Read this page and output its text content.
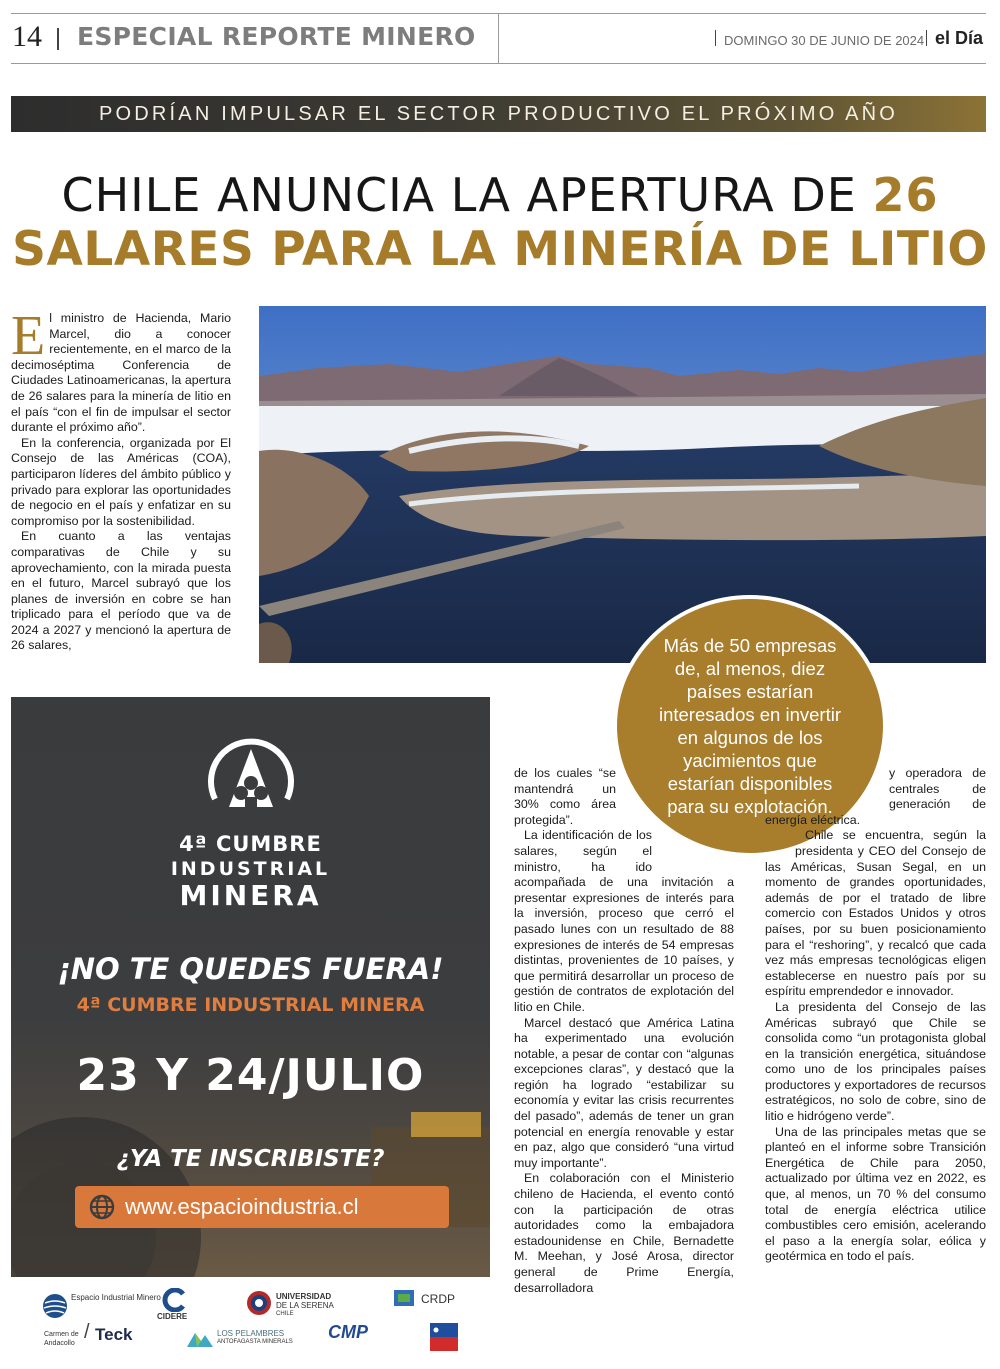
14 ESPECIAL REPORTE MINERO	DOMINGO 30 DE JUNIO DE 2024 el Día
PODRÍAN IMPULSAR EL SECTOR PRODUCTIVO EL PRÓXIMO AÑO
CHILE ANUNCIA LA APERTURA DE 26
SALARES PARA LA MINERÍA DE LITIO

El ministro de Hacienda, Mario Marcel, dio a conocer recientemente, en el marco de la decimoséptima Conferencia de Ciudades Latinoamericanas, la apertura de 26 salares para la minería de litio en el país “con el fin de impulsar el sector durante el próximo año”.

En la conferencia, organizada por El Consejo de las Américas (COA), participaron líderes del ámbito público y privado para explorar las oportunidades de negocio en el país y enfatizar en su compromiso por la sostenibilidad.

En cuanto a las ventajas comparativas de Chile y su aprovechamiento, con la mirada puesta en el futuro, Marcel subrayó que los planes de inversión en cobre se han triplicado para el período que va de 2024 a 2027 y mencionó la apertura de 26 salares,	Más de 50 empresas de, al menos, diez países estarían interesados en invertir en algunos de los yacimientos que estarían disponibles para su explotación.

de los cuales “se mantendrá un 30% como área protegida”.

La identificación de los salares, según el ministro, ha ido acompañada de una invitación a presentar expresiones de interés para la inversión, proceso que cerró el pasado lunes con un resultado de 88 expresiones de interés de 54 empresas distintas, provenientes de 10 países, y que permitirá desarrollar un proceso de gestión de contratos de explotación del litio en Chile.

Marcel destacó que América Latina ha experimentado una evolución notable, a pesar de contar con “algunas excepciones claras”, y destacó que la región ha logrado “estabilizar su economía y evitar las crisis recurrentes del pasado”, además de tener un gran potencial en energía renovable y estar en paz, algo que consideró “una virtud muy importante”.

En colaboración con el Ministerio chileno de Hacienda, el evento contó con la participación de otras autoridades como la embajadora estadounidense en Chile, Bernadette M. Meehan, y José Arosa, director general de Prime Energía, desarrolladora

y operadora de centrales de generación de energía eléctrica.

Chile se encuentra, según la presidenta y CEO del Consejo de las Américas, Susan Segal, en un momento de grandes oportunidades, además de por el tratado de libre comercio con Estados Unidos y otros países, por su buen posicionamiento para el “reshoring”, y recalcó que cada vez más empresas tecnológicas eligen establecerse en nuestro país por su espíritu emprendedor e innovador.

La presidenta del Consejo de las Américas subrayó que Chile se consolida como “un protagonista global en la transición energética, situándose como uno de los principales países productores y exportadores de recursos estratégicos, no solo de cobre, sino de litio e hidrógeno verde”.

Una de las principales metas que se planteó en el informe sobre Transición Energética de Chile para 2050, actualizado por última vez en 2022, es que, al menos, un 70 % del consumo total de energía eléctrica utilice combustibles cero emisión, acelerando el paso a la energía solar, eólica y geotérmica en todo el país.

4ª CUMBRE
INDUSTRIAL
MINERA
¡NO TE QUEDES FUERA!
4ª CUMBRE INDUSTRIAL MINERA
23 Y 24/JULIO
¿YA TE INSCRIBISTE?
www.espacioindustria.cl
Espacio Industrial Minero
CIDERE
UNIVERSIDAD
DE LA SERENA
CHILE
CRDP
Carmen de Andacollo
/ Teck	LOS PELAMBRES
ANTOFAGASTA MINERALS CMP
